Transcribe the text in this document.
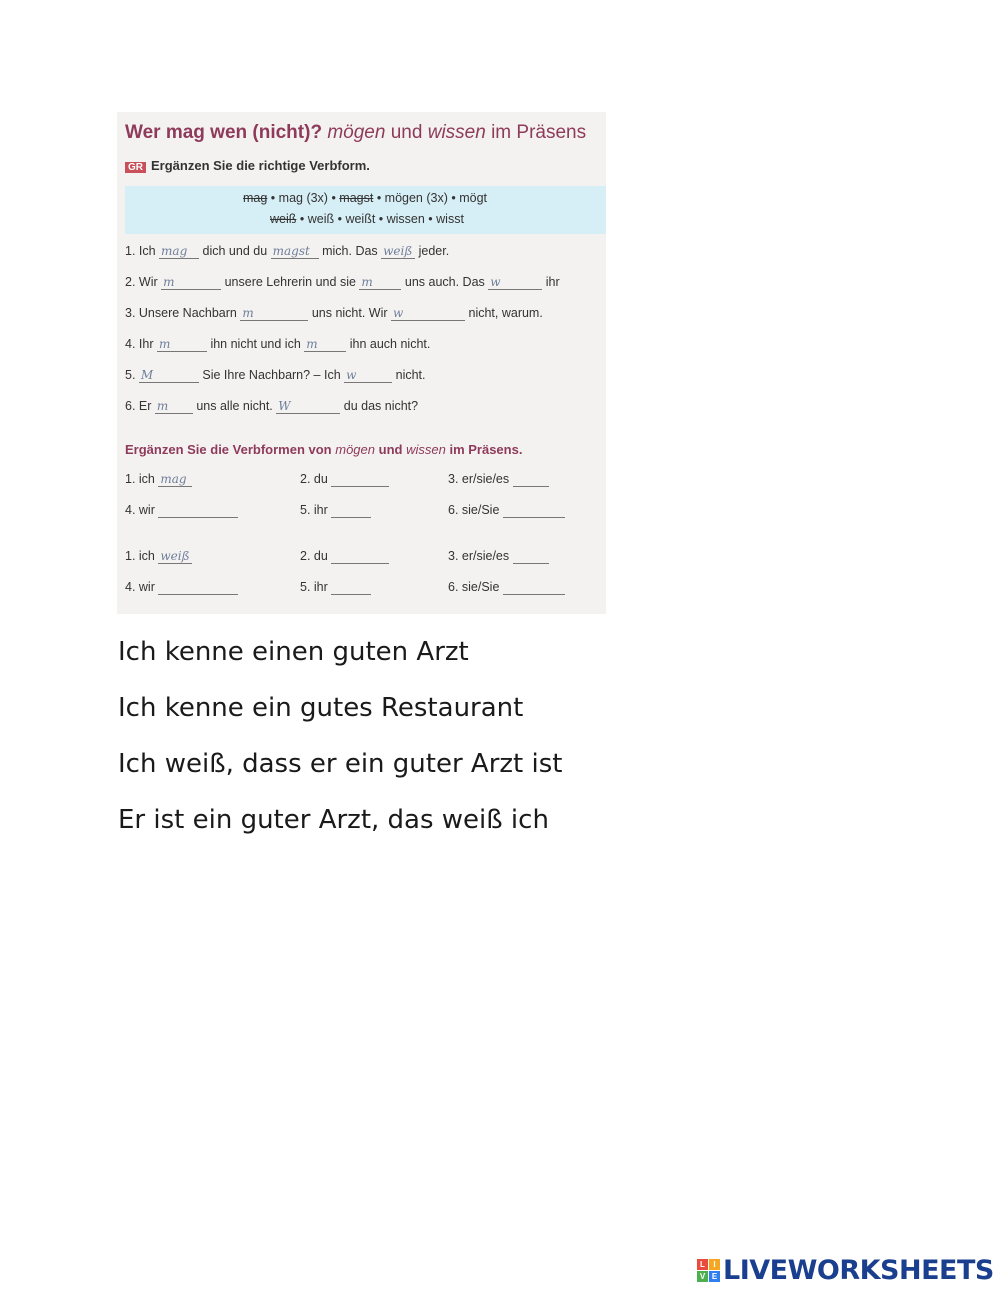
Wer mag wen (nicht)? mögen und wissen im Präsens
GR Ergänzen Sie die richtige Verbform.
mag • mag (3x) • magst • mögen (3x) • mögt
weiß • weiß • weißt • wissen • wisst
1. Ich mag dich und du magst mich. Das weiß jeder.
2. Wir m	unsere Lehrerin und sie m uns auch. Das w	ihr
3. Unsere Nachbarn m	uns nicht. Wir w	nicht, warum.
4. Ihr m	ihn nicht und ich m ihn auch nicht.
5. M	Sie Ihre Nachbarn? – Ich w	nicht.
6. Er m uns alle nicht. W	du das nicht?
Ergänzen Sie die Verbformen von mögen und wissen im Präsens.
1. ich mag	2. du	3. er/sie/es
4. wir	5. ihr	6. sie/Sie
1. ich weiß	2. du	3. er/sie/es
4. wir	5. ihr	6. sie/Sie
Ich kenne einen guten Arzt
Ich kenne ein gutes Restaurant
Ich weiß, dass er ein guter Arzt ist
Er ist ein guter Arzt, das weiß ich
L	I
V E LIVEWORKSHEETS
